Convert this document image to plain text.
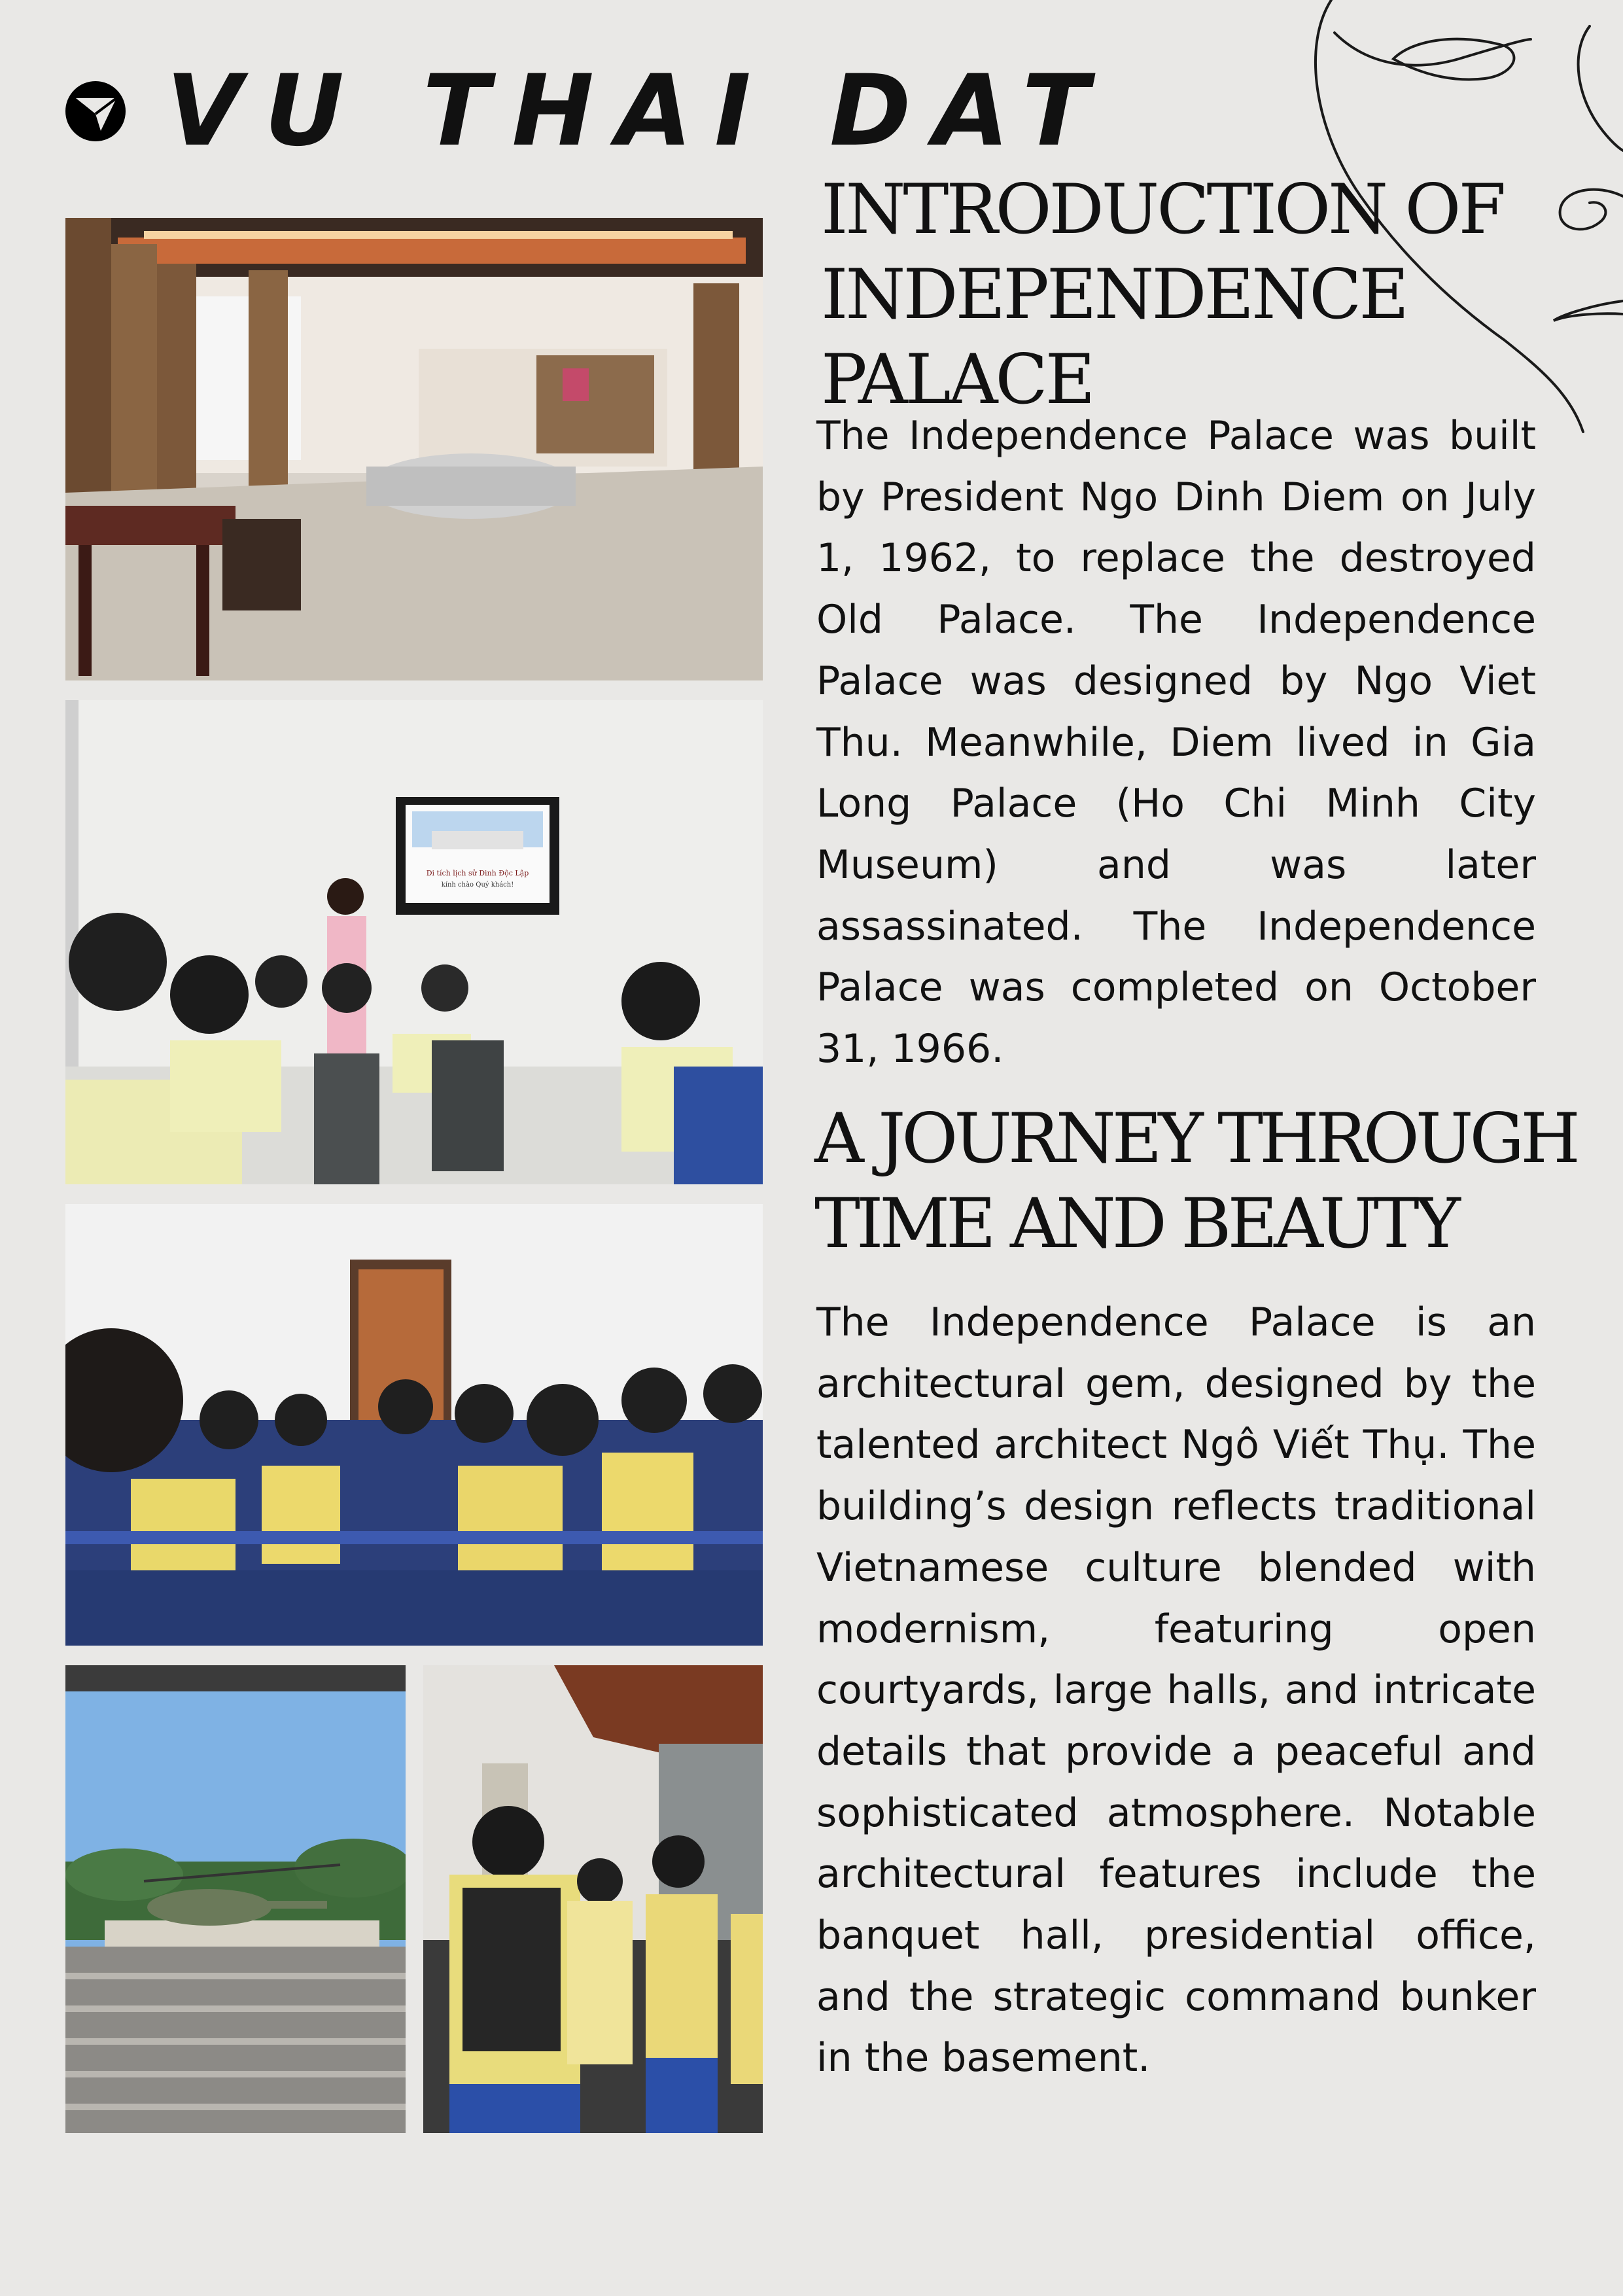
VU THAI DAT
Di tích lịch sử Dinh Độc Lập
kính chào Quý khách!
INTRODUCTION OF
INDEPENDENCE
PALACE

The Independence Palace was built by President Ngo Dinh Diem on July 1, 1962, to replace the destroyed Old Palace. The Independence Palace was designed by Ngo Viet Thu. Meanwhile, Diem lived in Gia Long Palace (Ho Chi Minh City Museum) and was later assassinated. The Independence Palace was completed on October 31, 1966.

A JOURNEY THROUGH
TIME AND BEAUTY

The Independence Palace is an architectural gem, designed by the talented architect Ngô Viết Thụ. The building’s design reflects traditional Vietnamese culture blended with modernism, featuring open courtyards, large halls, and intricate details that provide a peaceful and sophisticated atmosphere. Notable architectural features include the banquet hall, presidential office, and the strategic command bunker in the basement.
